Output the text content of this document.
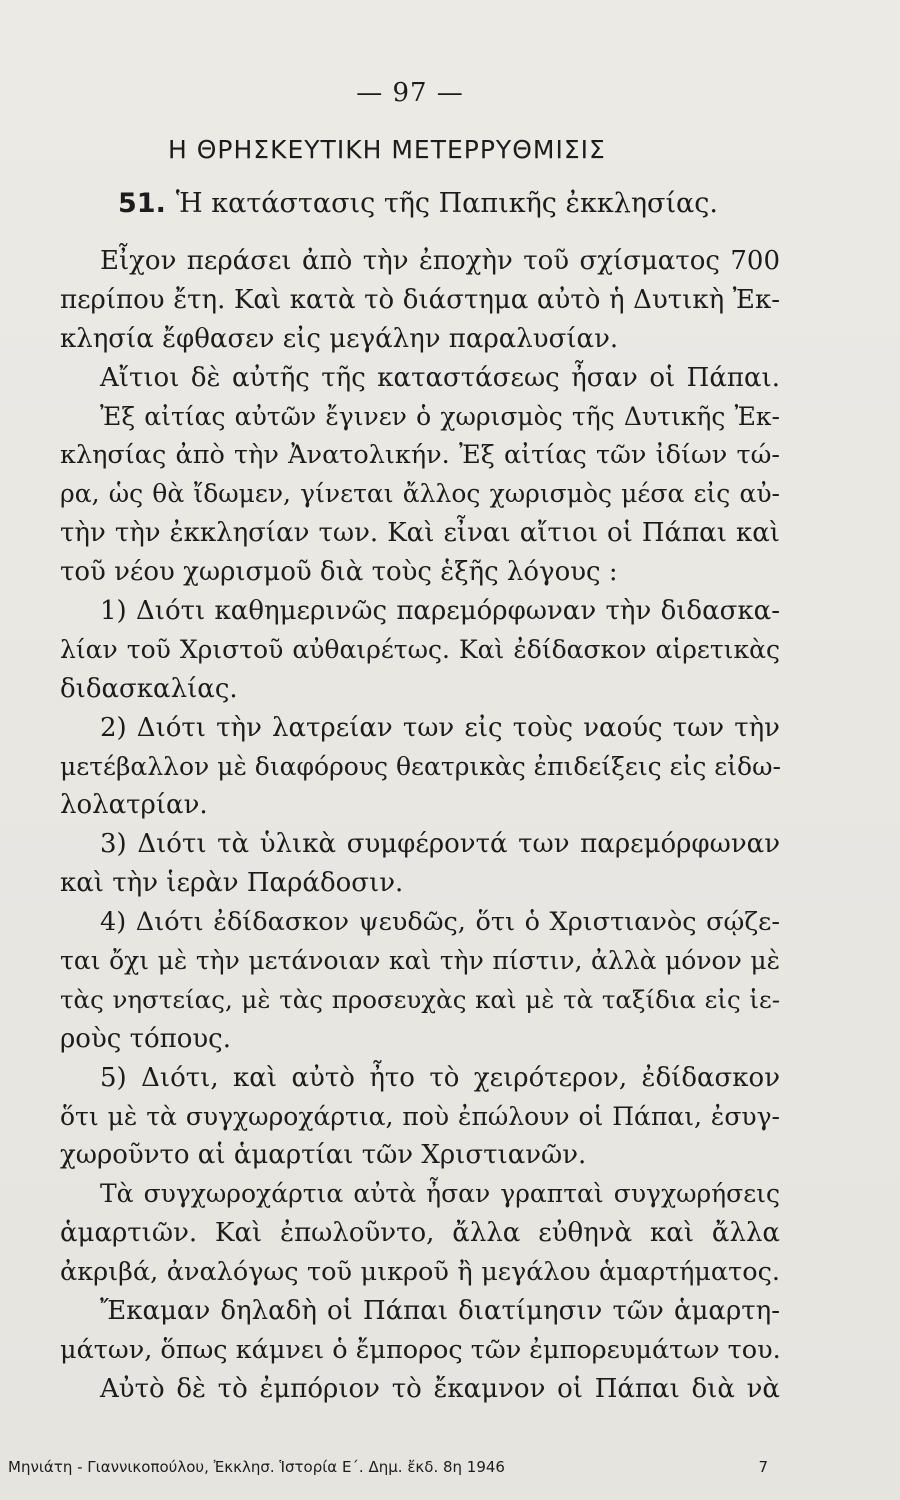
— 97 —
Η ΘΡΗΣΚΕΥΤΙΚΗ ΜΕΤΕΡΡΥΘΜΙΣΙΣ
51. Ἡ κατάστασις τῆς Παπικῆς ἐκκλησίας.
Εἶχον περάσει ἀπὸ τὴν ἐποχὴν τοῦ σχίσματος 700
περίπου ἔτη. Καὶ κατὰ τὸ διάστημα αὐτὸ ἡ Δυτικὴ Ἐκ-
κλησία ἔφθασεν εἰς μεγάλην παραλυσίαν.
Αἴτιοι δὲ αὐτῆς τῆς καταστάσεως ἦσαν οἱ Πάπαι.
Ἐξ αἰτίας αὐτῶν ἔγινεν ὁ χωρισμὸς τῆς Δυτικῆς Ἐκ-
κλησίας ἀπὸ τὴν Ἀνατολικήν. Ἐξ αἰτίας τῶν ἰδίων τώ-
ρα, ὡς θὰ ἴδωμεν, γίνεται ἄλλος χωρισμὸς μέσα εἰς αὐ-
τὴν τὴν ἐκκλησίαν των. Καὶ εἶναι αἴτιοι οἱ Πάπαι καὶ
τοῦ νέου χωρισμοῦ διὰ τοὺς ἑξῆς λόγους :
1) Διότι καθημερινῶς παρεμόρφωναν τὴν διδασκα-
λίαν τοῦ Χριστοῦ αὐθαιρέτως. Καὶ ἐδίδασκον αἱρετικὰς
διδασκαλίας.
2) Διότι τὴν λατρείαν των εἰς τοὺς ναούς των τὴν
μετέβαλλον μὲ διαφόρους θεατρικὰς ἐπιδείξεις εἰς εἰδω-
λολατρίαν.
3) Διότι τὰ ὑλικὰ συμφέροντά των παρεμόρφωναν
καὶ τὴν ἱερὰν Παράδοσιν.
4) Διότι ἐδίδασκον ψευδῶς, ὅτι ὁ Χριστιανὸς σῴζε-
ται ὄχι μὲ τὴν μετάνοιαν καὶ τὴν πίστιν, ἀλλὰ μόνον μὲ
τὰς νηστείας, μὲ τὰς προσευχὰς καὶ μὲ τὰ ταξίδια εἰς ἱε-
ροὺς τόπους.
5) Διότι, καὶ αὐτὸ ἦτο τὸ χειρότερον, ἐδίδασκον
ὅτι μὲ τὰ συγχωροχάρτια, ποὺ ἐπώλουν οἱ Πάπαι, ἐσυγ-
χωροῦντο αἱ ἁμαρτίαι τῶν Χριστιανῶν.
Τὰ συγχωροχάρτια αὐτὰ ἦσαν γραπταὶ συγχωρήσεις
ἁμαρτιῶν. Καὶ ἐπωλοῦντο, ἄλλα εὐθηνὰ καὶ ἄλλα
ἀκριβά, ἀναλόγως τοῦ μικροῦ ἢ μεγάλου ἁμαρτήματος.
Ἔκαμαν δηλαδὴ οἱ Πάπαι διατίμησιν τῶν ἁμαρτη-
μάτων, ὅπως κάμνει ὁ ἔμπορος τῶν ἐμπορευμάτων του.
Αὐτὸ δὲ τὸ ἐμπόριον τὸ ἔκαμνον οἱ Πάπαι διὰ νὰ
Μηνιάτη - Γιαννικοπούλου, Ἐκκλησ. Ἱστορία Ε΄. Δημ. ἔκδ. 8η 1946	7
